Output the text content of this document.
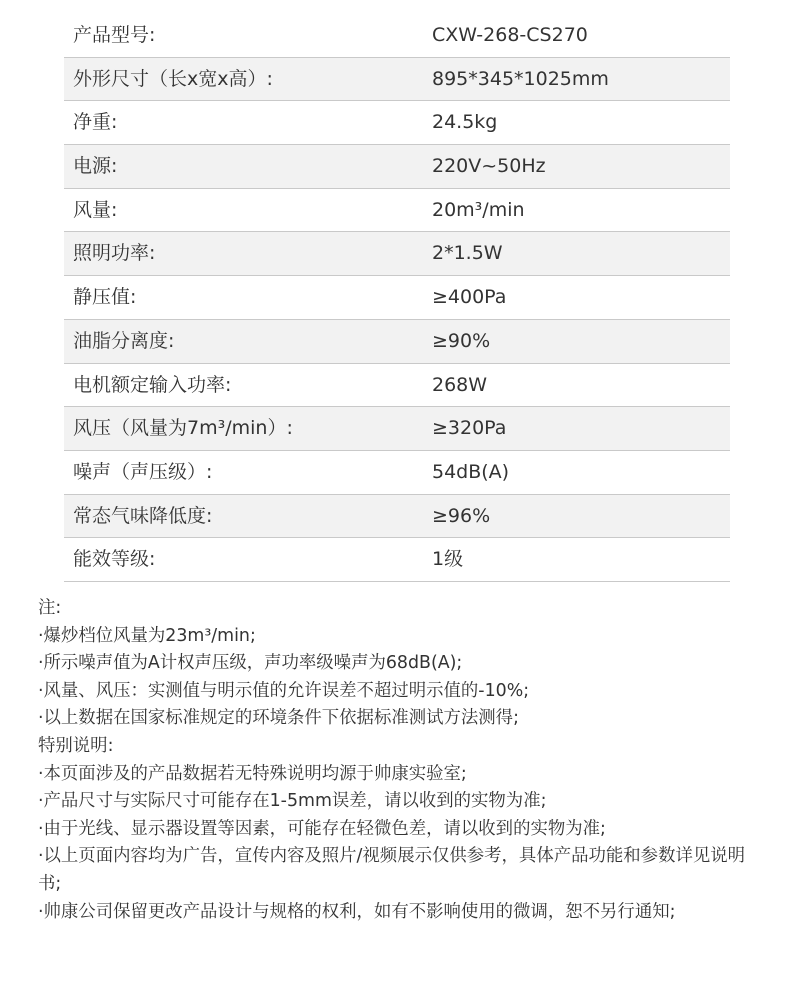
产品型号:	CXW-268-CS270
外形尺寸（长x宽x高）:	895*345*1025mm
净重:	24.5kg
电源:	220V~50Hz
风量:	20m³/min
照明功率:	2*1.5W
静压值:	≥400Pa
油脂分离度:	≥90%
电机额定输入功率:	268W
风压（风量为7m³/min）:	≥320Pa
噪声（声压级）:	54dB(A)
常态气味降低度:	≥96%
能效等级:	1级
注:
·爆炒档位风量为23m³/min;
·所示噪声值为A计权声压级，声功率级噪声为68dB(A);
·风量、风压：实测值与明示值的允许误差不超过明示值的-10%;
·以上数据在国家标准规定的环境条件下依据标准测试方法测得;
特别说明:
·本页面涉及的产品数据若无特殊说明均源于帅康实验室;
·产品尺寸与实际尺寸可能存在1-5mm误差，请以收到的实物为准;
·由于光线、显示器设置等因素，可能存在轻微色差，请以收到的实物为准;
·以上页面内容均为广告，宣传内容及照片/视频展示仅供参考，具体产品功能和参数详见说明书;
·帅康公司保留更改产品设计与规格的权利，如有不影响使用的微调，恕不另行通知;
